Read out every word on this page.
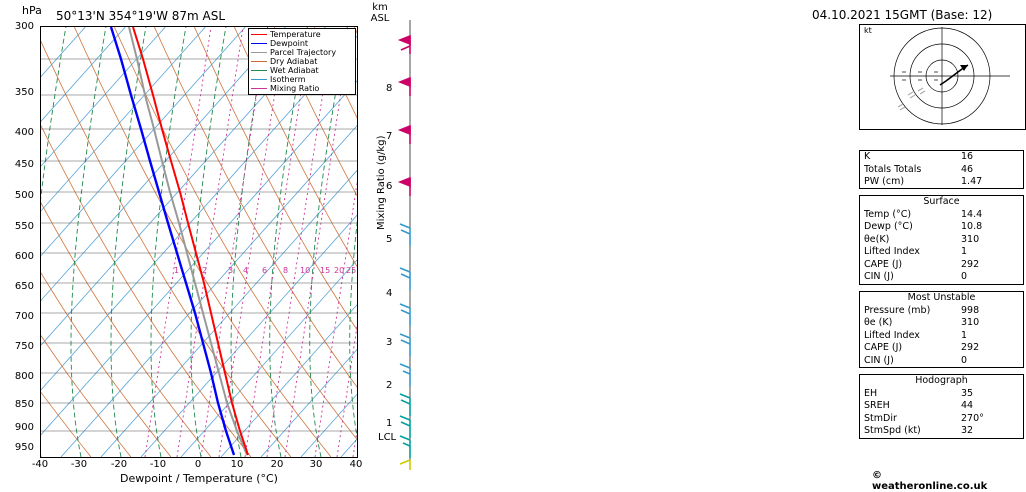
hPa 50°13'N 354°19'W 87m ASL
km
ASL
300
350
400
450
500
550
600
650
700
750
800
850
900
950
-40	-30	-20	-10	0	10	20	30	40
Dewpoint / Temperature (°C)
1	2	3 4 6 8 10 15 20 25
Mixing Ratio (g/kg)
8
7
6
5
4
3
2
1
LCL
Temperature
Dewpoint
Parcel Trajectory
Dry Adiabat
Wet Adiabat
Isotherm
Mixing Ratio
04.10.2021 15GMT (Base: 12)
kt
K	16
Totals Totals	46
PW (cm)	1.47
Surface
Temp (°C)	14.4
Dewp (°C)	10.8
θe(K)	310
Lifted Index	1
CAPE (J)	292
CIN (J)	0
Most Unstable
Pressure (mb)	998
θe (K)	310
Lifted Index	1
CAPE (J)	292
CIN (J)	0
Hodograph
EH	35
SREH	44
StmDir	270°
StmSpd (kt)	32
© weatheronline.co.uk
